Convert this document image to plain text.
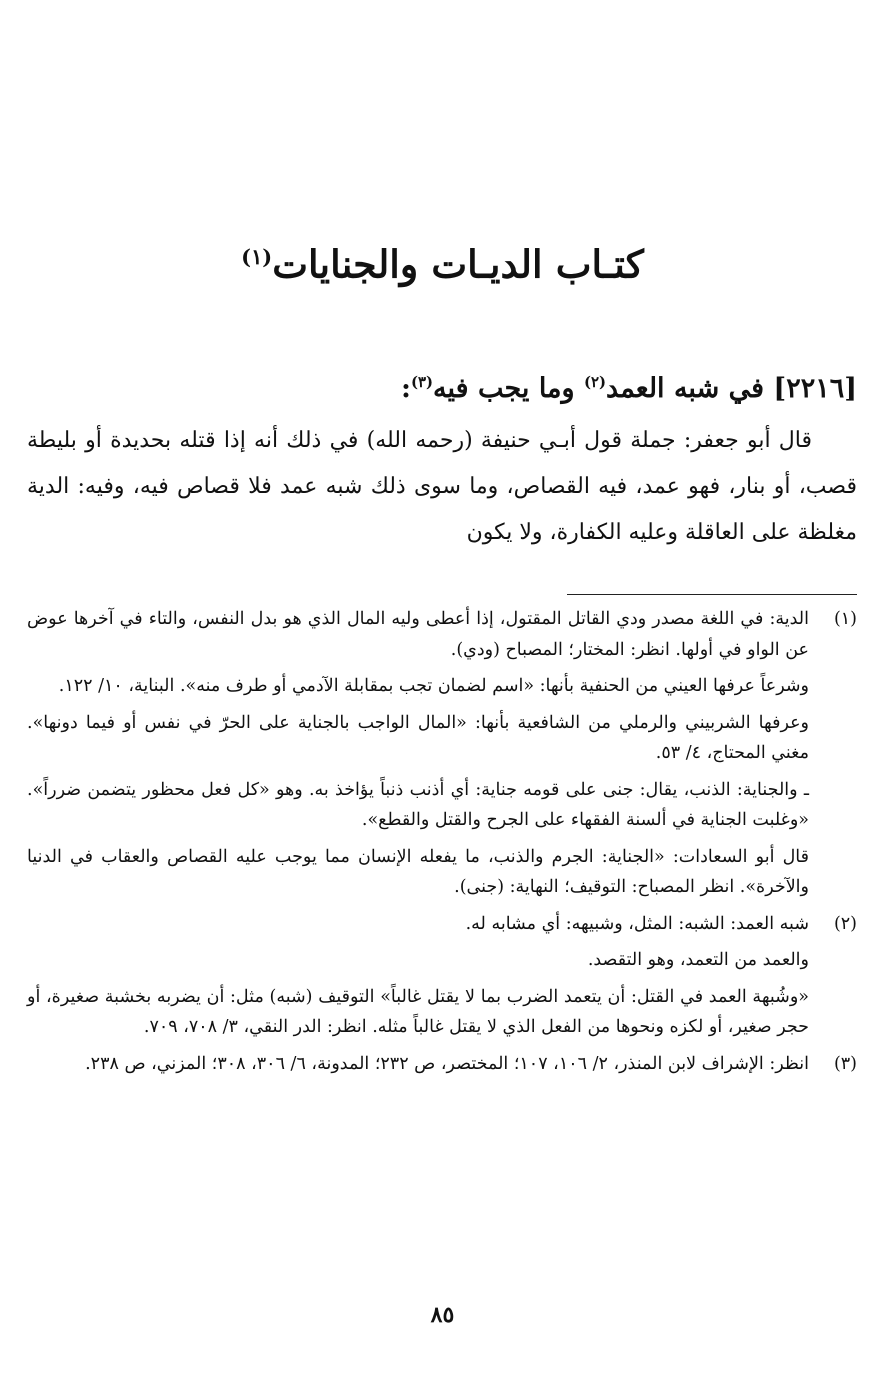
كتـاب الديـات والجنايات$^{(١)}$
[٢٢١٦] في شبه العمد$^{(٢)}$ وما يجب فيه$^{(٣)}$:

قال أبو جعفر: جملة قول أبـي حنيفة (رحمه الله) في ذلك أنه إذا قتله بحديدة أو بليطة قصب، أو بنار، فهو عمد، فيه القصاص، وما سوى ذلك شبه عمد فلا قصاص فيه، وفيه: الدية مغلظة على العاقلة وعليه الكفارة، ولا يكون

(١)

الدية: في اللغة مصدر ودي القاتل المقتول، إذا أعطى وليه المال الذي هو بدل النفس، والتاء في آخرها عوض عن الواو في أولها. انظر: المختار؛ المصباح (ودي).

وشرعاً عرفها العيني من الحنفية بأنها: «اسم لضمان تجب بمقابلة الآدمي أو طرف منه». البناية، ١٠/ ١٢٢.

وعرفها الشربيني والرملي من الشافعية بأنها: «المال الواجب بالجناية على الحرّ في نفس أو فيما دونها». مغني المحتاج، ٤/ ٥٣.

ـ والجناية: الذنب، يقال: جنى على قومه جناية: أي أذنب ذنباً يؤاخذ به. وهو «كل فعل محظور يتضمن ضرراً». «وغلبت الجناية في ألسنة الفقهاء على الجرح والقتل والقطع».

قال أبو السعادات: «الجناية: الجرم والذنب، ما يفعله الإنسان مما يوجب عليه القصاص والعقاب في الدنيا والآخرة». انظر المصباح: التوقيف؛ النهاية: (جنى).

(٢)

شبه العمد: الشبه: المثل، وشبيهه: أي مشابه له.

والعمد من التعمد، وهو التقصد.

«وشُبهة العمد في القتل: أن يتعمد الضرب بما لا يقتل غالباً» التوقيف (شبه) مثل: أن يضربه بخشبة صغيرة، أو حجر صغير، أو لكزه ونحوها من الفعل الذي لا يقتل غالباً مثله. انظر: الدر النقي، ٣/ ٧٠٨، ٧٠٩.

(٣)

انظر: الإشراف لابن المنذر، ٢/ ١٠٦، ١٠٧؛ المختصر، ص ٢٣٢؛ المدونة، ٦/ ٣٠٦، ٣٠٨؛ المزني، ص ٢٣٨.

٨٥
